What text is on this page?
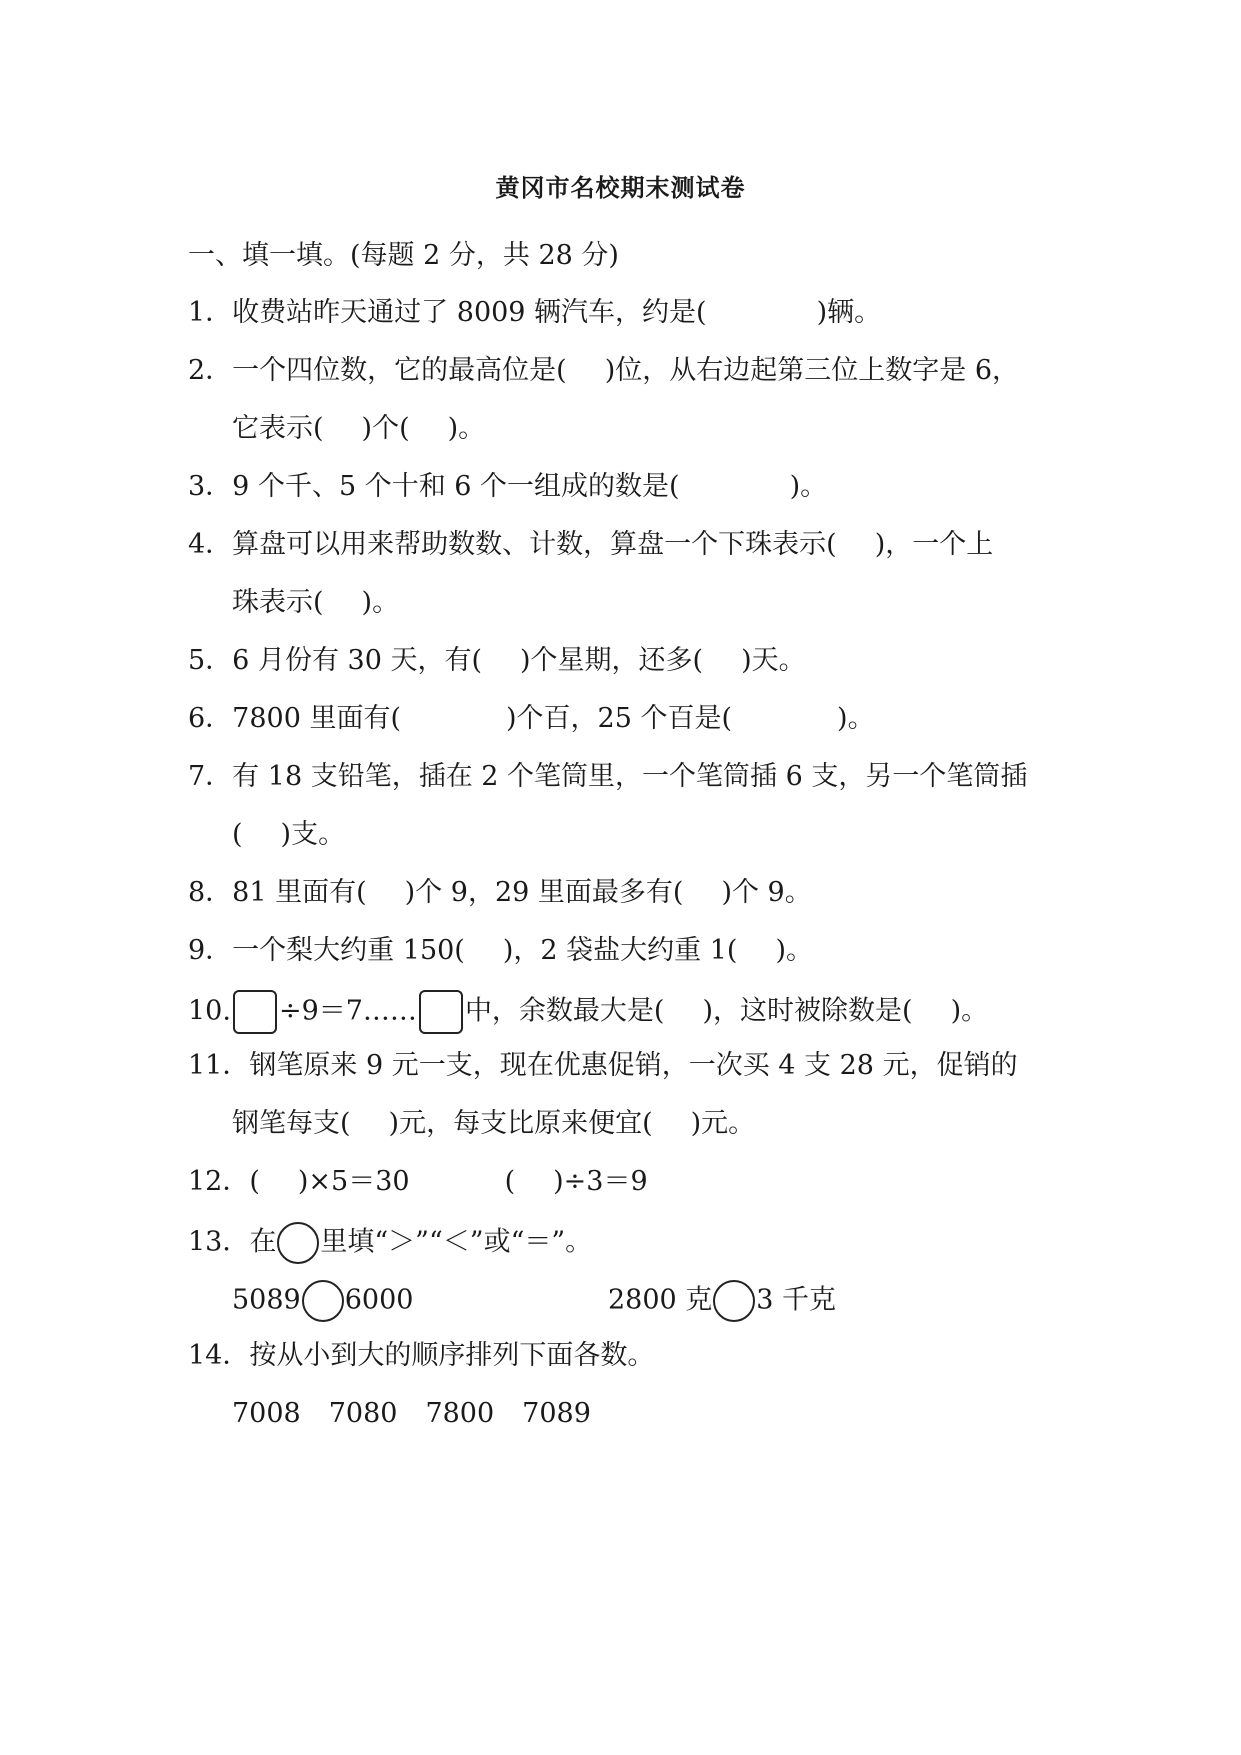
黄冈市名校期末测试卷
一、填一填。(每题 2 分，共 28 分)
1．收费站昨天通过了 8009 辆汽车，约是(	)辆。
2．一个四位数，它的最高位是( )位，从右边起第三位上数字是 6，
它表示( )个( )。
3．9 个千、5 个十和 6 个一组成的数是(	)。
4．算盘可以用来帮助数数、计数，算盘一个下珠表示( )，一个上
珠表示( )。
5．6 月份有 30 天，有( )个星期，还多( )天。
6．7800 里面有(	)个百，25 个百是(	)。
7．有 18 支铅笔，插在 2 个笔筒里，一个笔筒插 6 支，另一个笔筒插
( )支。
8．81 里面有( )个 9，29 里面最多有( )个 9。
9．一个梨大约重 150( )，2 袋盐大约重 1( )。
10. ÷9＝7…… 中，余数最大是( )，这时被除数是( )。
11．钢笔原来 9 元一支，现在优惠促销，一次买 4 支 28 元，促销的
钢笔每支( )元，每支比原来便宜( )元。
12．( )×5＝30	( )÷3＝9
13．在 里填“＞”“＜”或“＝”。
5089 6000	2800 克 3 千克
14．按从小到大的顺序排列下面各数。
7008 7080 7800 7089
